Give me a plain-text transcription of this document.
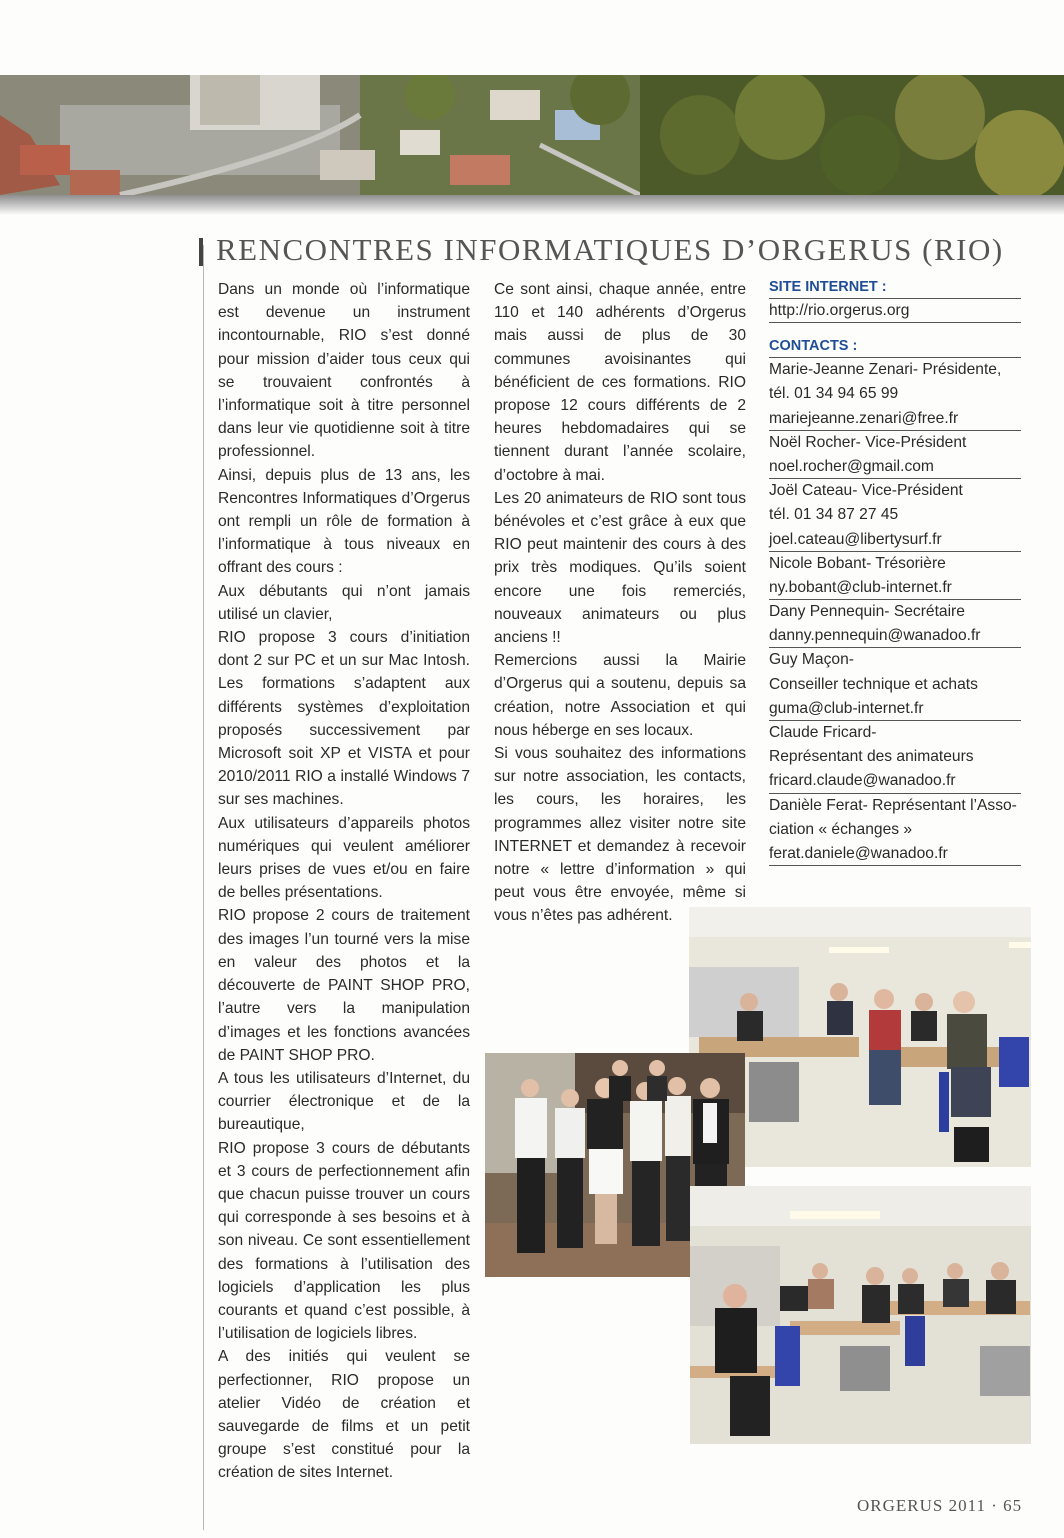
RENCONTRES INFORMATIQUES D’ORGERUS (RIO)

Dans un monde où l’informatique est devenue un instrument incontournable, RIO s’est donné pour mission d’aider tous ceux qui se trouvaient confrontés à l’informatique soit à titre personnel dans leur vie quotidienne soit à titre professionnel.

Ainsi, depuis plus de 13 ans, les Rencontres Informatiques d’Orgerus ont rempli un rôle de formation à l’informatique à tous niveaux en offrant des cours :

Aux débutants qui n’ont jamais utilisé un clavier,

RIO propose 3 cours d’initiation dont 2 sur PC et un sur Mac Intosh. Les formations s’adaptent aux différents systèmes d’exploitation proposés successivement par Microsoft soit XP et VISTA et pour 2010/2011 RIO a installé Windows 7 sur ses machines.

Aux utilisateurs d’appareils photos numériques qui veulent améliorer leurs prises de vues et/ou en faire de belles présentations.

RIO propose 2 cours de traitement des images l’un tourné vers la mise en valeur des photos et la découverte de PAINT SHOP PRO, l’autre vers la manipulation d’images et les fonctions avancées de PAINT SHOP PRO.

A tous les utilisateurs d’Internet, du courrier électronique et de la bureautique,

RIO propose 3 cours de débutants et 3 cours de perfectionnement afin que chacun puisse trouver un cours qui corresponde à ses besoins et à son niveau. Ce sont essentiellement des formations à l’utilisation des logiciels d’application les plus courants et quand c’est possible, à l’utilisation de logiciels libres.

A des initiés qui veulent se perfectionner, RIO propose un atelier Vidéo de création et sauvegarde de films et un petit groupe s’est constitué pour la création de sites Internet.

Ce sont ainsi, chaque année, entre 110 et 140 adhérents d’Orgerus mais aussi de plus de 30 communes avoisinantes qui bénéficient de ces formations. RIO propose 12 cours différents de 2 heures hebdomadaires qui se tiennent durant l’année scolaire, d’octobre à mai.

Les 20 animateurs de RIO sont tous bénévoles et c’est grâce à eux que RIO peut maintenir des cours à des prix très modiques. Qu’ils soient encore une fois remerciés, nouveaux animateurs ou plus anciens !!

Remercions aussi la Mairie d’Orgerus qui a soutenu, depuis sa création, notre Association et qui nous héberge en ses locaux.

Si vous souhaitez des informations sur notre association, les contacts, les cours, les horaires, les programmes allez visiter notre site INTERNET et demandez à recevoir notre « lettre d’information » qui peut vous être envoyée, même si vous n’êtes pas adhérent.

SITE INTERNET :
http://rio.orgerus.org
CONTACTS :
Marie-Jeanne Zenari- Présidente,
tél. 01 34 94 65 99
mariejeanne.zenari@free.fr
Noël Rocher- Vice-Président
noel.rocher@gmail.com
Joël Cateau- Vice-Président
tél. 01 34 87 27 45
joel.cateau@libertysurf.fr
Nicole Bobant- Trésorière
ny.bobant@club-internet.fr
Dany Pennequin- Secrétaire
danny.pennequin@wanadoo.fr
Guy Maçon-
Conseiller technique et achats
guma@club-internet.fr
Claude Fricard-
Représentant des animateurs
fricard.claude@wanadoo.fr
Danièle Ferat- Représentant l’Asso-
ciation « échanges »
ferat.daniele@wanadoo.fr
ORGERUS 2011 · 65
